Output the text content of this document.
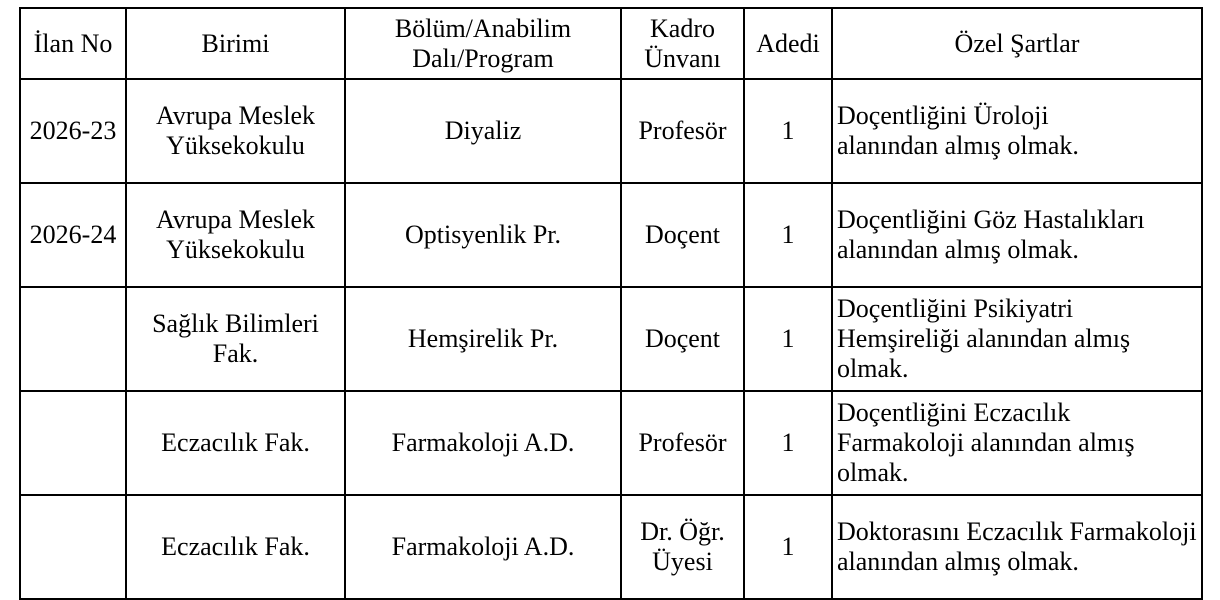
İlan No	Birimi	Bölüm/Anabilim Dalı/Program	Kadro Ünvanı	Adedi	Özel Şartlar
2026-23	Avrupa Meslek Yüksekokulu	Diyaliz	Profesör	1	Doçentliğini Üroloji alanından almış olmak.
2026-24	Avrupa Meslek Yüksekokulu	Optisyenlik Pr.	Doçent	1	Doçentliğini Göz Hastalıkları alanından almış olmak.
	Sağlık Bilimleri Fak.	Hemşirelik Pr.	Doçent	1	Doçentliğini Psikiyatri Hemşireliği alanından almış olmak.
	Eczacılık Fak.	Farmakoloji A.D.	Profesör	1	Doçentliğini Eczacılık Farmakoloji alanından almış olmak.
	Eczacılık Fak.	Farmakoloji A.D.	Dr. Öğr. Üyesi	1	Doktorasını Eczacılık Farmakoloji alanından almış olmak.
